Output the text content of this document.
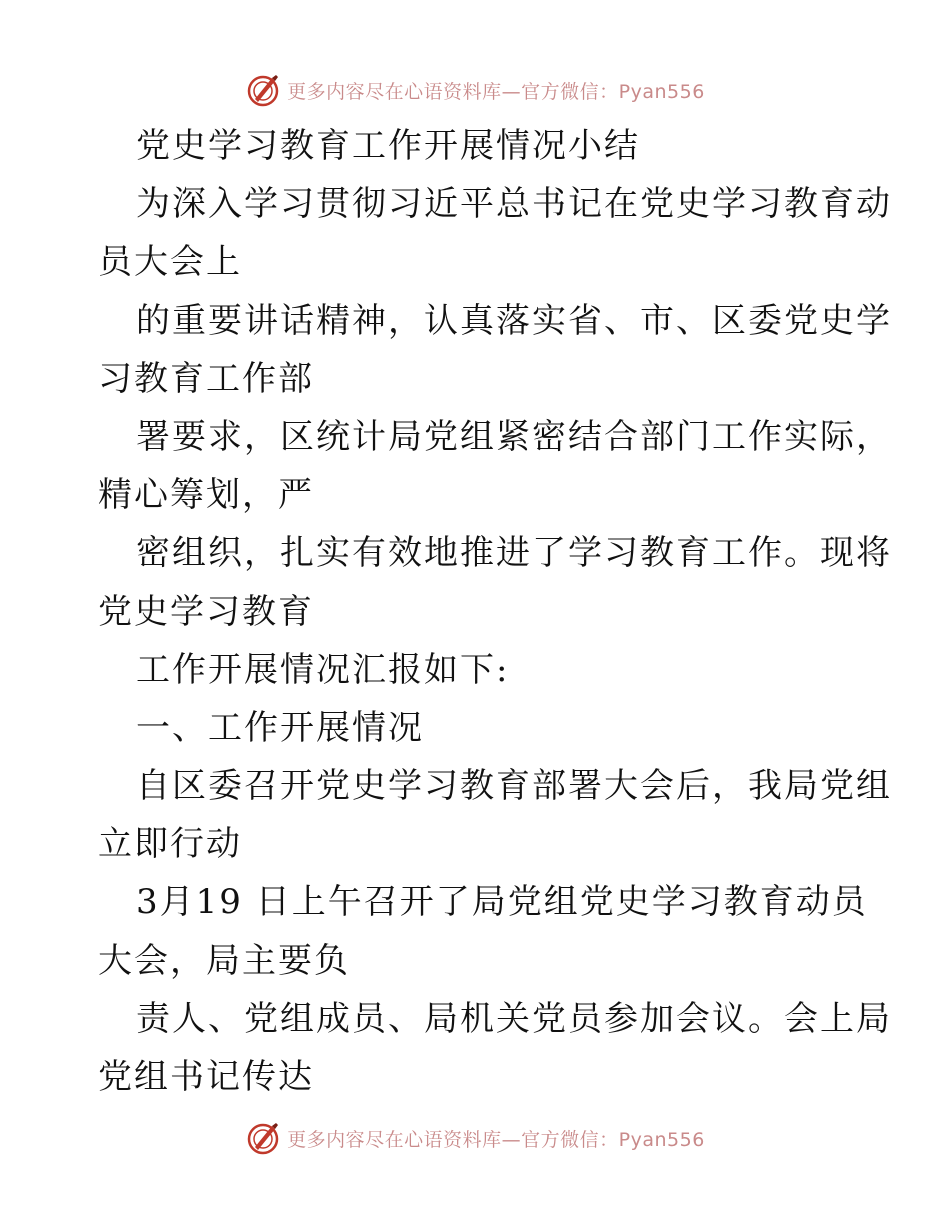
更多内容尽在心语资料库—官方微信：Pyan556
党史学习教育工作开展情况小结
为深入学习贯彻习近平总书记在党史学习教育动
员大会上
的重要讲话精神，认真落实省、市、区委党史学
习教育工作部
署要求，区统计局党组紧密结合部门工作实际，
精心筹划，严
密组织，扎实有效地推进了学习教育工作。现将
党史学习教育
工作开展情况汇报如下:
一、工作开展情况
自区委召开党史学习教育部署大会后，我局党组
立即行动
3月19 日上午召开了局党组党史学习教育动员
大会，局主要负
责人、党组成员、局机关党员参加会议。会上局
党组书记传达
更多内容尽在心语资料库—官方微信：Pyan556
